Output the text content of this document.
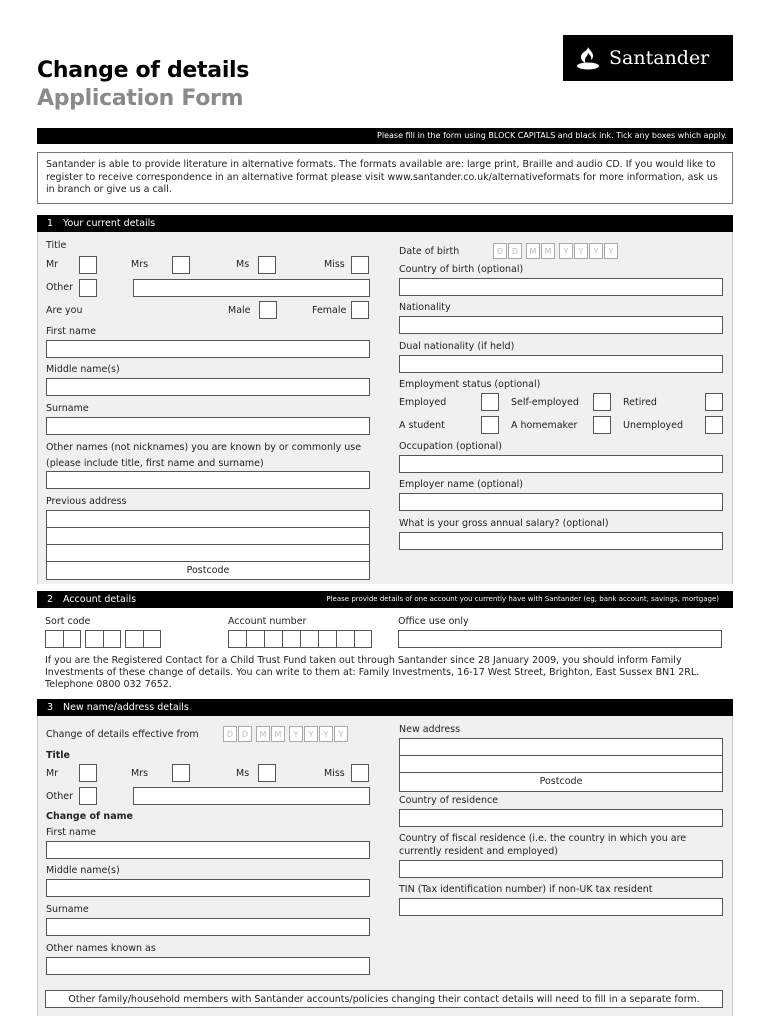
Change of details
Application Form
Santander
Please fill in the form using BLOCK CAPITALS and black ink. Tick any boxes which apply.
Santander is able to provide literature in alternative formats. The formats available are: large print, Braille and audio CD. If you would like to register to receive correspondence in an alternative format please visit www.santander.co.uk/alternativeformats for more information, ask us in branch or give us a call.
1 Your current details
Title
Mr	Mrs	Ms	Miss
Other
Are you	Male	Female
First name
Middle name(s)
Surname
Other names (not nicknames) you are known by or commonly use
(please include title, first name and surname)
Previous address
Postcode
Date of birth	D	D	M	M	Y	Y	Y	Y
Country of birth (optional)
Nationality
Dual nationality (if held)
Employment status (optional)
Employed	Self-employed	Retired
A student	A homemaker	Unemployed
Occupation (optional)
Employer name (optional)
What is your gross annual salary? (optional)
2 Account details	Please provide details of one account you currently have with Santander (eg, bank account, savings, mortgage)
Sort code	Account number	Office use only
If you are the Registered Contact for a Child Trust Fund taken out through Santander since 28 January 2009, you should inform Family Investments of these change of details. You can write to them at: Family Investments, 16-17 West Street, Brighton, East Sussex BN1 2RL. Telephone 0800 032 7652.
3 New name/address details
Change of details effective from	D	D	M	M	Y	Y	Y	Y
Title
Mr	Mrs	Ms	Miss
Other
Change of name
First name
Middle name(s)
Surname
Other names known as
New address
Postcode
Country of residence
Country of fiscal residence (i.e. the country in which you are
currently resident and employed)
TIN (Tax identification number) if non-UK tax resident
Other family/household members with Santander accounts/policies changing their contact details will need to fill in a separate form.
